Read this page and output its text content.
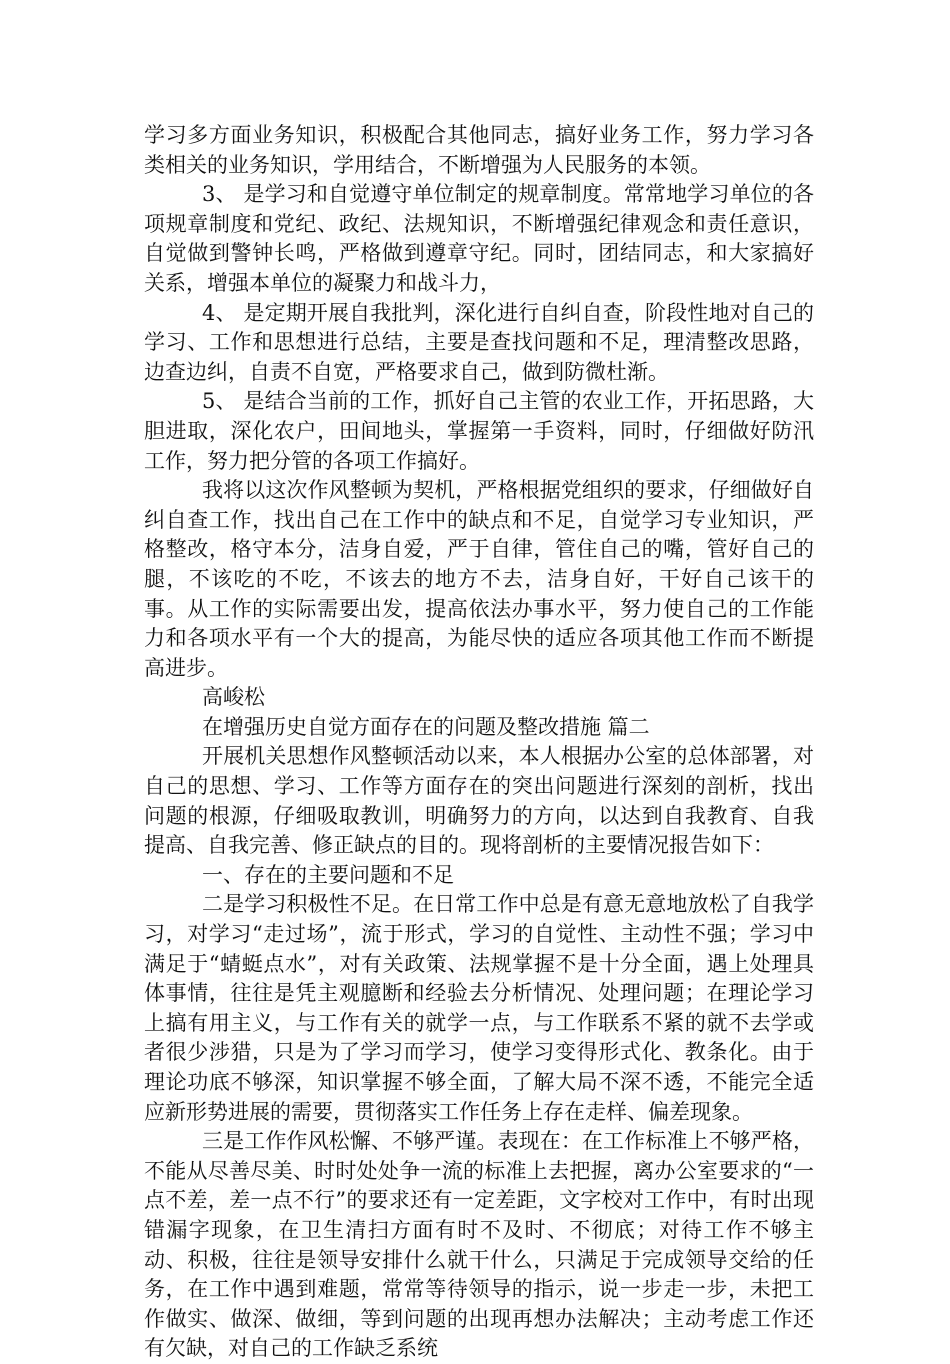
学习多方面业务知识，积极配合其他同志，搞好业务工作，努力学习各类相关的业务知识，学用结合，不断增强为人民服务的本领。

3、 是学习和自觉遵守单位制定的规章制度。常常地学习单位的各项规章制度和党纪、政纪、法规知识，不断增强纪律观念和责任意识，自觉做到警钟长鸣，严格做到遵章守纪。同时，团结同志，和大家搞好关系，增强本单位的凝聚力和战斗力，

4、 是定期开展自我批判，深化进行自纠自查，阶段性地对自己的学习、工作和思想进行总结，主要是查找问题和不足，理清整改思路，边查边纠，自责不自宽，严格要求自己，做到防微杜渐。

5、 是结合当前的工作，抓好自己主管的农业工作，开拓思路，大胆进取，深化农户，田间地头，掌握第一手资料，同时，仔细做好防汛工作，努力把分管的各项工作搞好。

我将以这次作风整顿为契机，严格根据党组织的要求，仔细做好自纠自查工作，找出自己在工作中的缺点和不足，自觉学习专业知识，严格整改，格守本分，洁身自爱，严于自律，管住自己的嘴，管好自己的腿，不该吃的不吃，不该去的地方不去，洁身自好，干好自己该干的事。从工作的实际需要出发，提高依法办事水平，努力使自己的工作能力和各项水平有一个大的提高，为能尽快的适应各项其他工作而不断提高进步。

高峻松

在增强历史自觉方面存在的问题及整改措施 篇二

开展机关思想作风整顿活动以来，本人根据办公室的总体部署，对自己的思想、学习、工作等方面存在的突出问题进行深刻的剖析，找出问题的根源，仔细吸取教训，明确努力的方向，以达到自我教育、自我提高、自我完善、修正缺点的目的。现将剖析的主要情况报告如下：

一、存在的主要问题和不足

二是学习积极性不足。在日常工作中总是有意无意地放松了自我学习，对学习“走过场”，流于形式，学习的自觉性、主动性不强；学习中满足于“蜻蜓点水”，对有关政策、法规掌握不是十分全面，遇上处理具体事情，往往是凭主观臆断和经验去分析情况、处理问题；在理论学习上搞有用主义，与工作有关的就学一点，与工作联系不紧的就不去学或者很少涉猎，只是为了学习而学习，使学习变得形式化、教条化。由于理论功底不够深，知识掌握不够全面，了解大局不深不透，不能完全适应新形势进展的需要，贯彻落实工作任务上存在走样、偏差现象。

三是工作作风松懈、不够严谨。表现在：在工作标准上不够严格，不能从尽善尽美、时时处处争一流的标准上去把握，离办公室要求的“一点不差，差一点不行”的要求还有一定差距，文字校对工作中，有时出现错漏字现象，在卫生清扫方面有时不及时、不彻底；对待工作不够主动、积极，往往是领导安排什么就干什么，只满足于完成领导交给的任务，在工作中遇到难题，常常等待领导的指示，说一步走一步，未把工作做实、做深、做细，等到问题的出现再想办法解决；主动考虑工作还有欠缺，对自己的工作缺乏系统
